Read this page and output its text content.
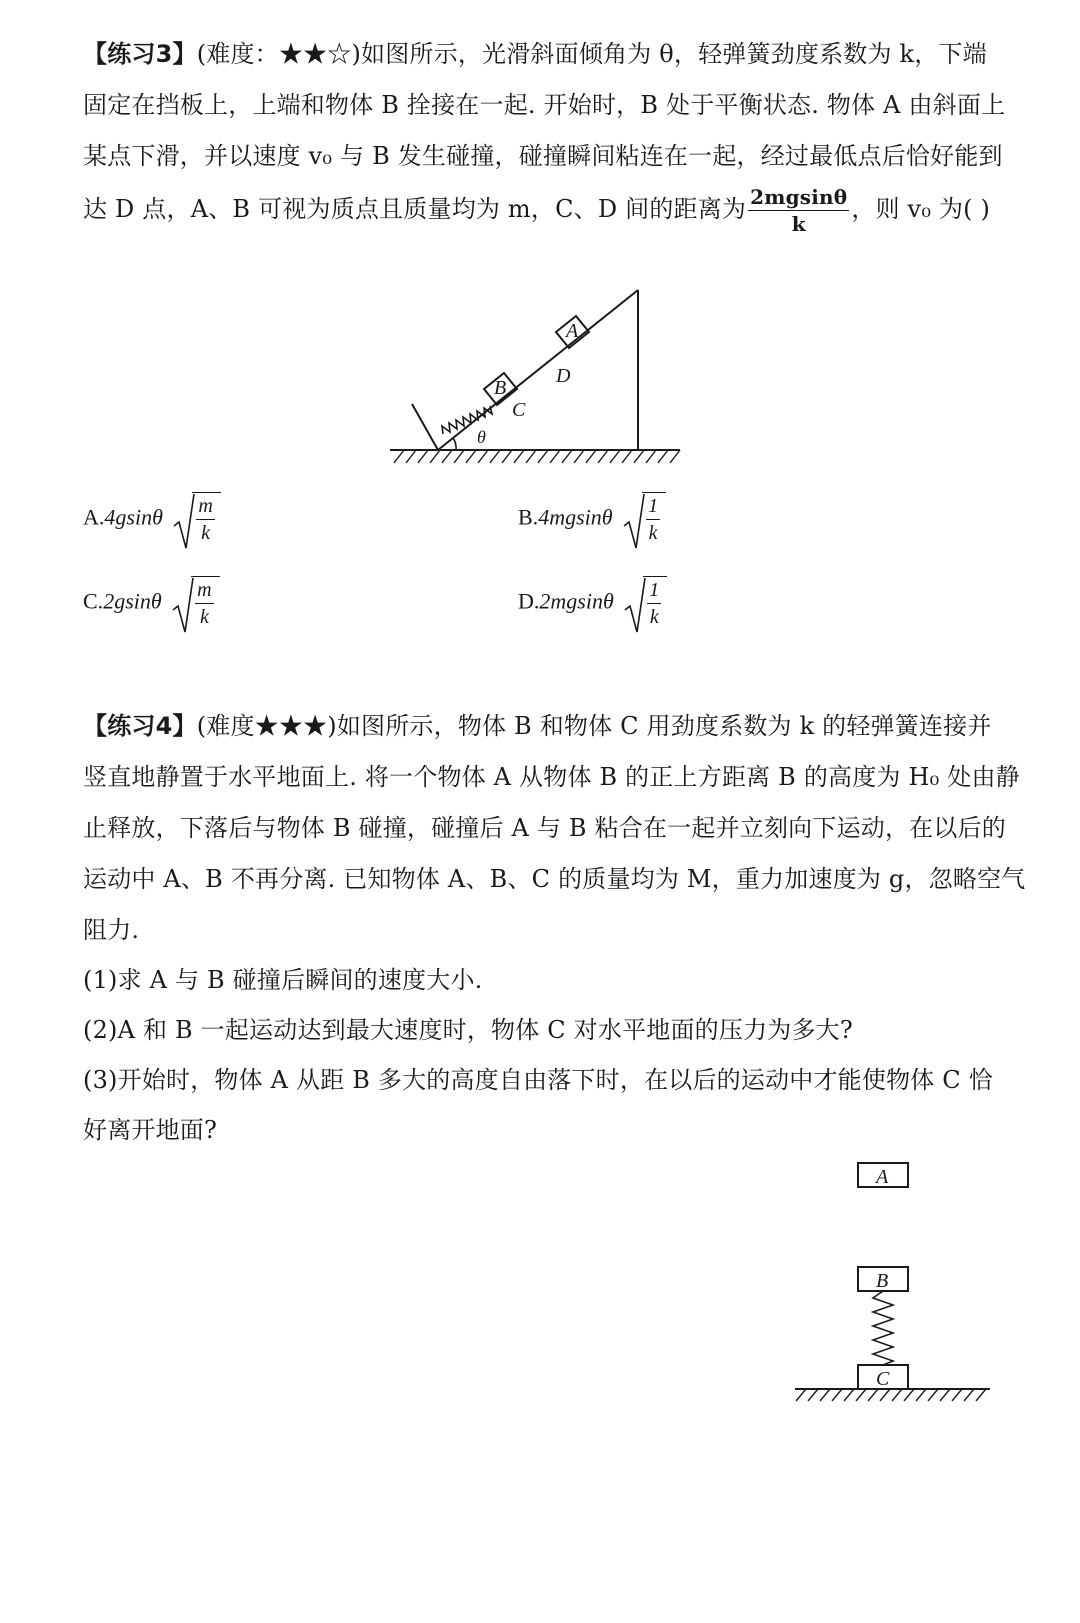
【练习3】(难度：★★☆)如图所示，光滑斜面倾角为 θ，轻弹簧劲度系数为 k，下端
固定在挡板上，上端和物体 B 拴接在一起. 开始时，B 处于平衡状态. 物体 A 由斜面上
某点下滑，并以速度 v₀ 与 B 发生碰撞，碰撞瞬间粘连在一起，经过最低点后恰好能到
达 D 点，A、B 可视为质点且质量均为 m，C、D 间的距离为 $\frac{2mgsin\theta}{k}$ ，则 v₀ 为( )
B
A
C
D
θ
$A.4gsin\theta \frac{m}{k}$	$B.4mgsin\theta \frac{1}{k}$
$C.2gsin\theta \frac{m}{k}$	$D.2mgsin\theta \frac{1}{k}$
【练习4】(难度★★★)如图所示，物体 B 和物体 C 用劲度系数为 k 的轻弹簧连接并
竖直地静置于水平地面上. 将一个物体 A 从物体 B 的正上方距离 B 的高度为 H₀ 处由静
止释放，下落后与物体 B 碰撞，碰撞后 A 与 B 粘合在一起并立刻向下运动，在以后的
运动中 A、B 不再分离. 已知物体 A、B、C 的质量均为 M，重力加速度为 g，忽略空气
阻力.
(1)求 A 与 B 碰撞后瞬间的速度大小.
(2)A 和 B 一起运动达到最大速度时，物体 C 对水平地面的压力为多大?
(3)开始时，物体 A 从距 B 多大的高度自由落下时，在以后的运动中才能使物体 C 恰
好离开地面?
A
B
C
